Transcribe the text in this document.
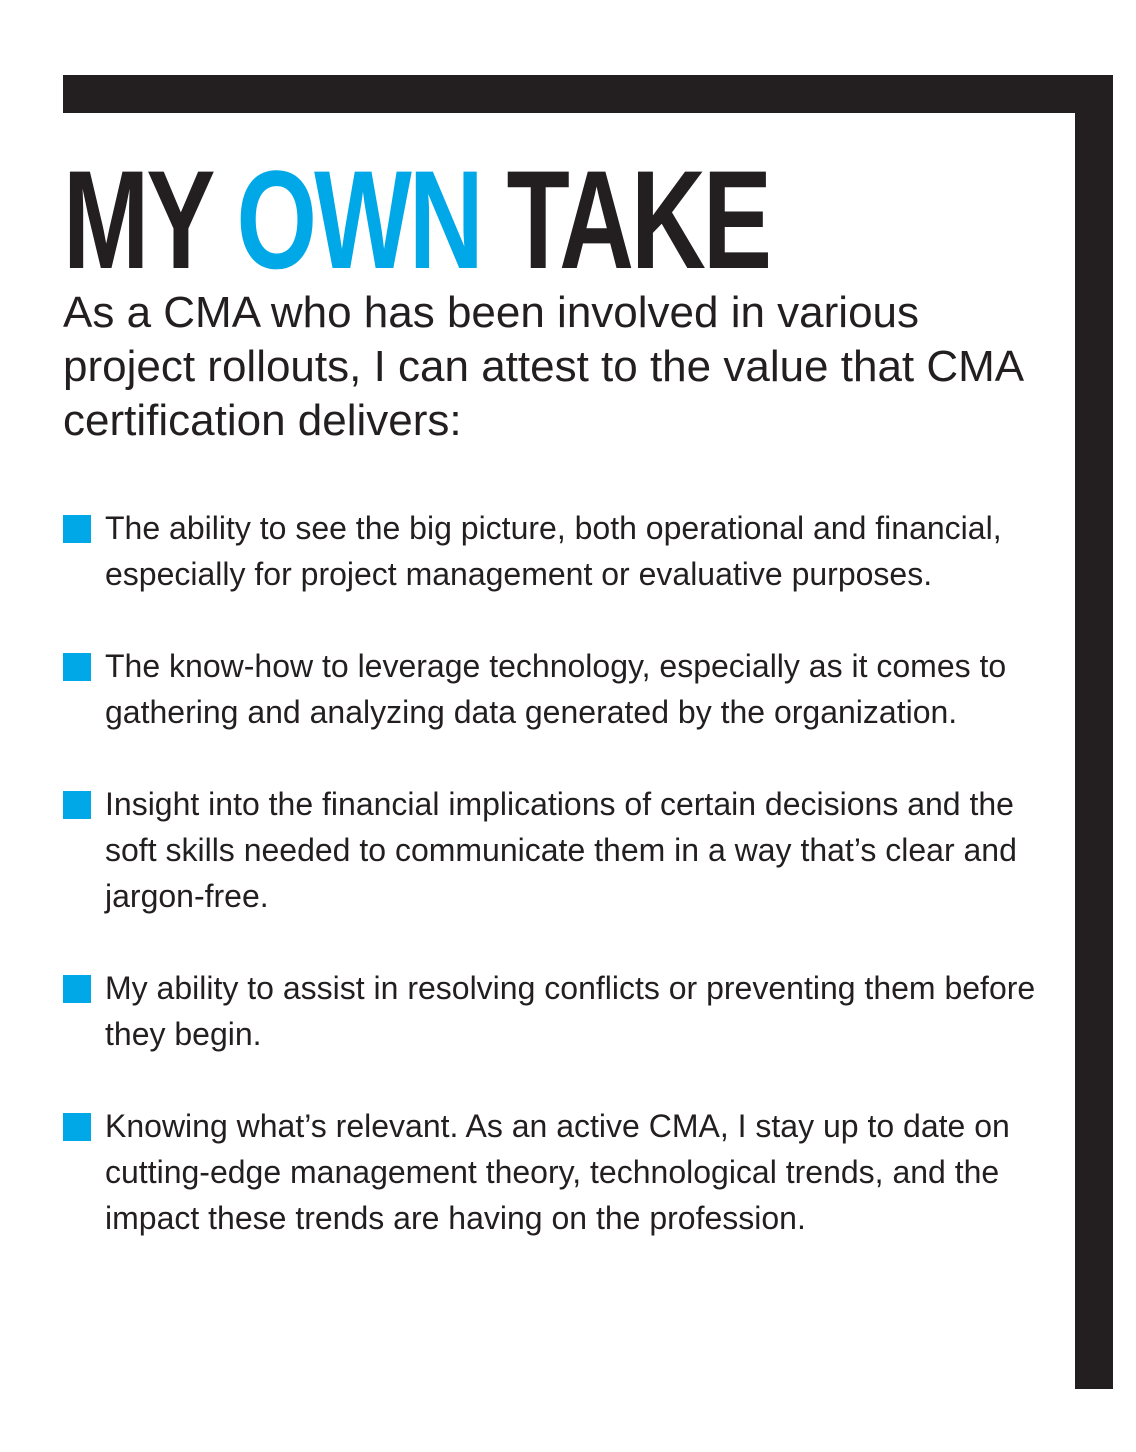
MY OWN TAKE

As a CMA who has been involved in various project rollouts, I can attest to the value that CMA certification delivers:

The ability to see the big picture, both operational and financial, especially for project management or evaluative purposes.
The know-how to leverage technology, especially as it comes to gathering and analyzing data generated by the organization.
Insight into the financial implications of certain decisions and the soft skills needed to communicate them in a way that’s clear and jargon-free.
My ability to assist in resolving conflicts or preventing them before they begin.
Knowing what’s relevant. As an active CMA, I stay up to date on cutting-edge management theory, technological trends, and the impact these trends are having on the profession.
